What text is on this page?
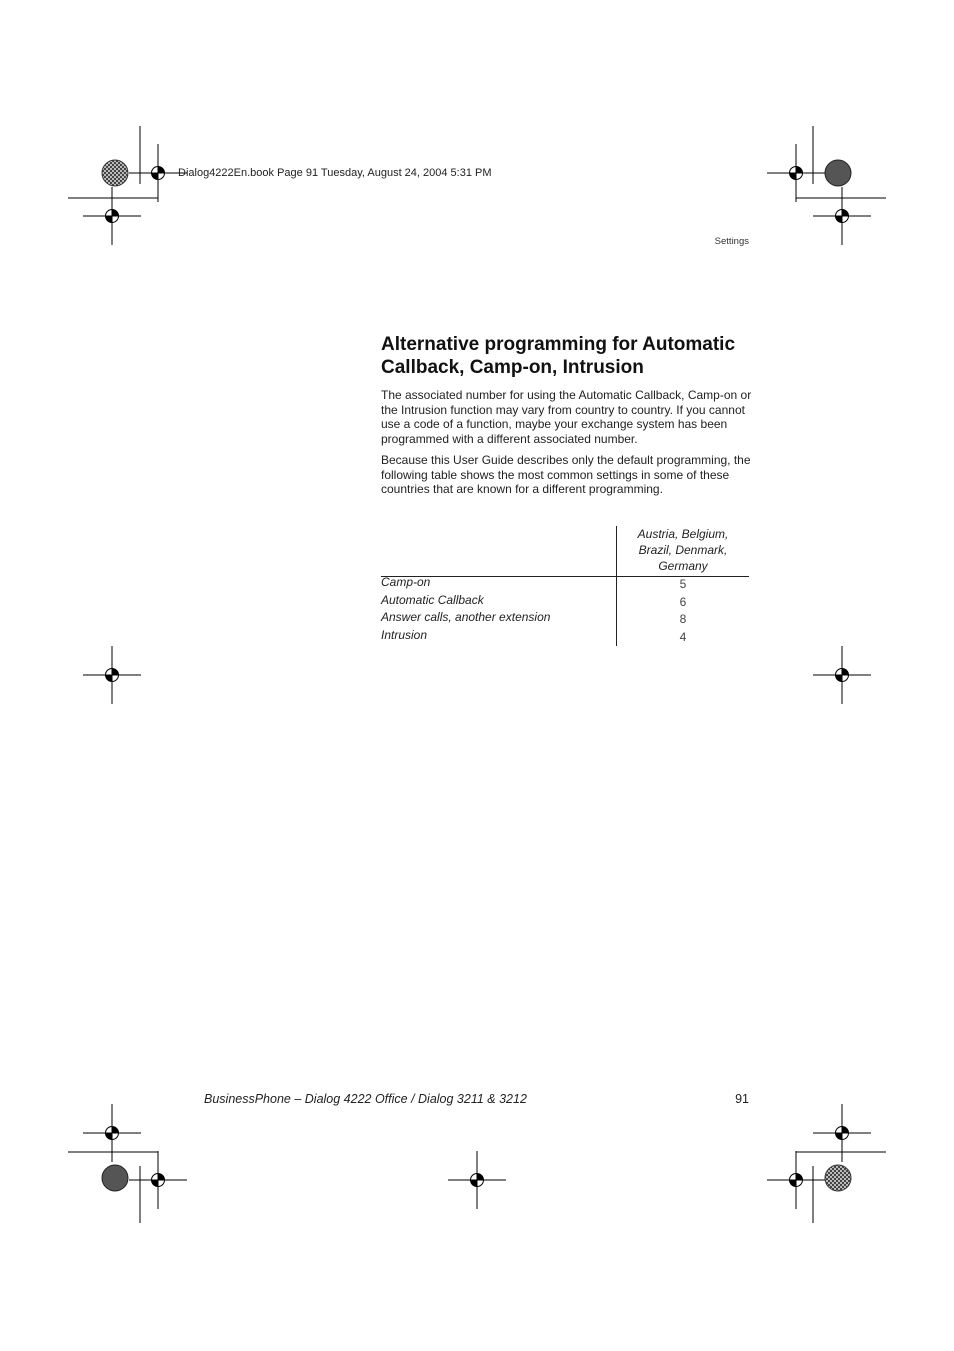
Dialog4222En.book Page 91 Tuesday, August 24, 2004 5:31 PM
Settings
Alternative programming for Automatic
Callback, Camp-on, Intrusion

The associated number for using the Automatic Callback, Camp-on or the Intrusion function may vary from country to country. If you cannot use a code of a function, maybe your exchange system has been programmed with a different associated number.

Because this User Guide describes only the default programming, the following table shows the most common settings in some of these countries that are known for a different programming.

Austria, Belgium,
Brazil, Denmark,
Germany
Camp-on	5
Automatic Callback	6
Answer calls, another extension	8
Intrusion	4
BusinessPhone – Dialog 4222 Office / Dialog 3211 & 3212	91
